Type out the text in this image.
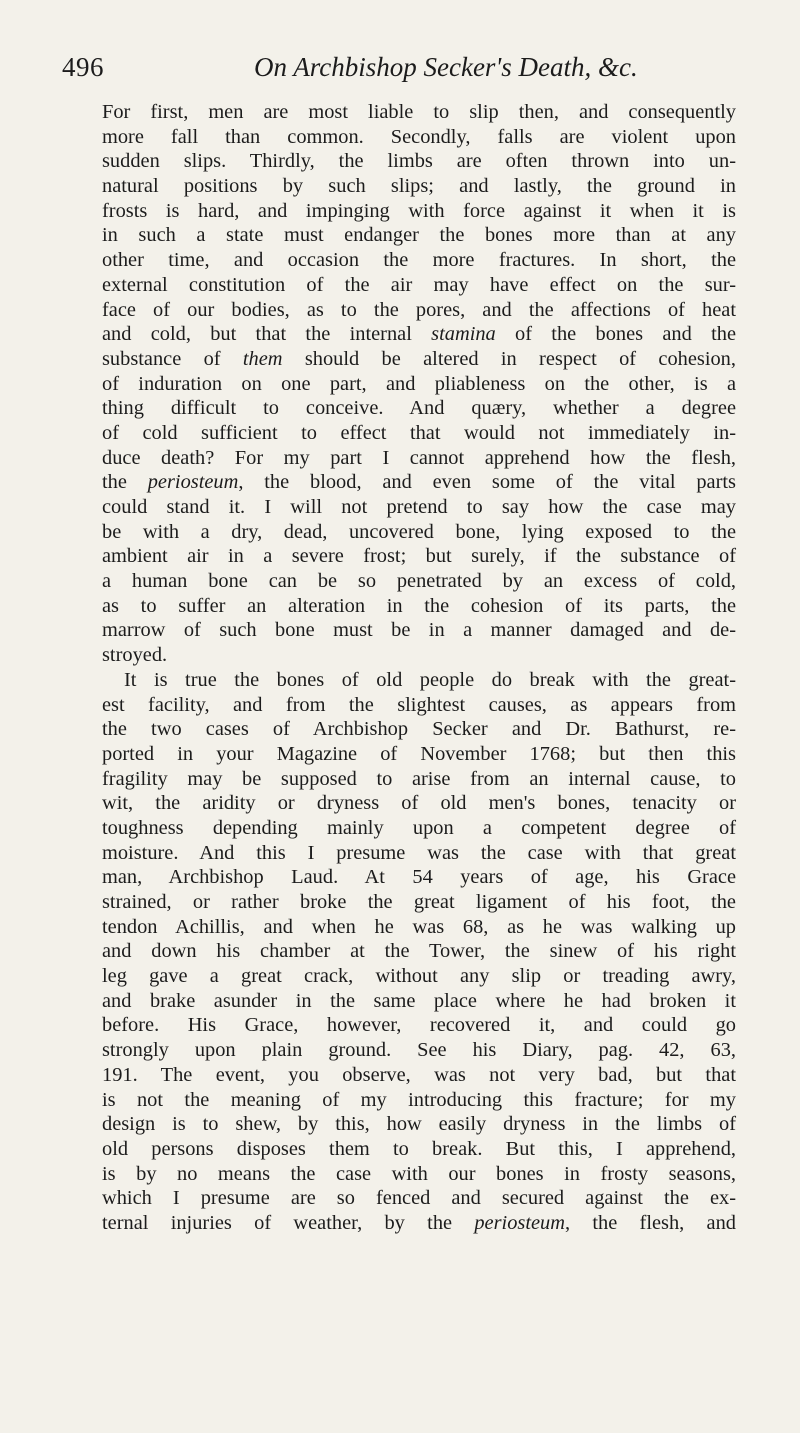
496	On Archbishop Secker's Death, &c.
For first, men are most liable to slip then, and consequently
more fall than common. Secondly, falls are violent upon
sudden slips. Thirdly, the limbs are often thrown into un-
natural positions by such slips; and lastly, the ground in
frosts is hard, and impinging with force against it when it is
in such a state must endanger the bones more than at any
other time, and occasion the more fractures. In short, the
external constitution of the air may have effect on the sur-
face of our bodies, as to the pores, and the affections of heat
and cold, but that the internal stamina of the bones and the
substance of them should be altered in respect of cohesion,
of induration on one part, and pliableness on the other, is a
thing difficult to conceive. And quæry, whether a degree
of cold sufficient to effect that would not immediately in-
duce death? For my part I cannot apprehend how the flesh,
the periosteum, the blood, and even some of the vital parts
could stand it. I will not pretend to say how the case may
be with a dry, dead, uncovered bone, lying exposed to the
ambient air in a severe frost; but surely, if the substance of
a human bone can be so penetrated by an excess of cold,
as to suffer an alteration in the cohesion of its parts, the
marrow of such bone must be in a manner damaged and de-
stroyed.
It is true the bones of old people do break with the great-
est facility, and from the slightest causes, as appears from
the two cases of Archbishop Secker and Dr. Bathurst, re-
ported in your Magazine of November 1768; but then this
fragility may be supposed to arise from an internal cause, to
wit, the aridity or dryness of old men's bones, tenacity or
toughness depending mainly upon a competent degree of
moisture. And this I presume was the case with that great
man, Archbishop Laud. At 54 years of age, his Grace
strained, or rather broke the great ligament of his foot, the
tendon Achillis, and when he was 68, as he was walking up
and down his chamber at the Tower, the sinew of his right
leg gave a great crack, without any slip or treading awry,
and brake asunder in the same place where he had broken it
before. His Grace, however, recovered it, and could go
strongly upon plain ground. See his Diary, pag. 42, 63,
191. The event, you observe, was not very bad, but that
is not the meaning of my introducing this fracture; for my
design is to shew, by this, how easily dryness in the limbs of
old persons disposes them to break. But this, I apprehend,
is by no means the case with our bones in frosty seasons,
which I presume are so fenced and secured against the ex-
ternal injuries of weather, by the periosteum, the flesh, and
